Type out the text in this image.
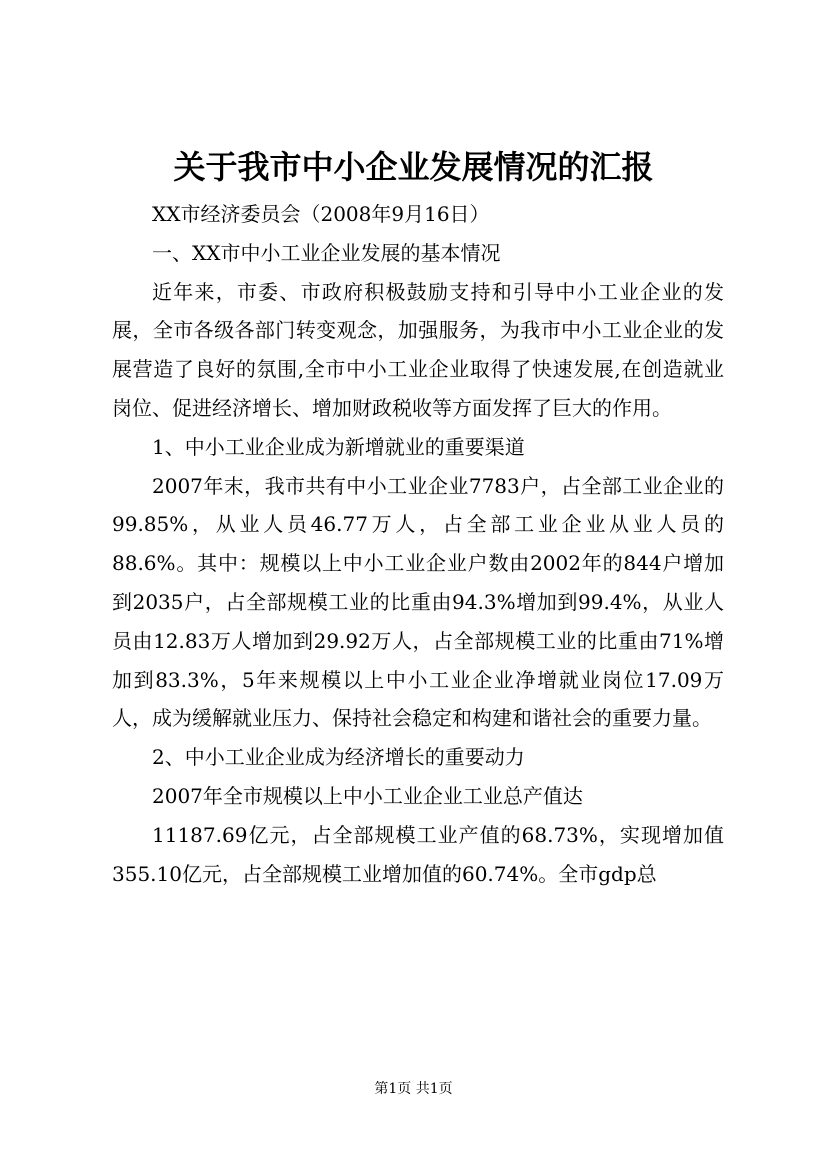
关于我市中小企业发展情况的汇报

XX市经济委员会（2008年9月16日）

一、XX市中小工业企业发展的基本情况

近年来，市委、市政府积极鼓励支持和引导中小工业企业的发展，全市各级各部门转变观念，加强服务，为我市中小工业企业的发展营造了良好的氛围,全市中小工业企业取得了快速发展,在创造就业岗位、促进经济增长、增加财政税收等方面发挥了巨大的作用。

1、中小工业企业成为新增就业的重要渠道

2007年末，我市共有中小工业企业7783户，占全部工业企业的99.85%，从业人员46.77万人，占全部工业企业从业人员的88.6%。其中：规模以上中小工业企业户数由2002年的844户增加到2035户，占全部规模工业的比重由94.3%增加到99.4%，从业人员由12.83万人增加到29.92万人，占全部规模工业的比重由71%增加到83.3%，5年来规模以上中小工业企业净增就业岗位17.09万人，成为缓解就业压力、保持社会稳定和构建和谐社会的重要力量。

2、中小工业企业成为经济增长的重要动力

2007年全市规模以上中小工业企业工业总产值达

11187.69亿元，占全部规模工业产值的68.73%，实现增加值355.10亿元，占全部规模工业增加值的60.74%。全市gdp总

第1页 共1页
